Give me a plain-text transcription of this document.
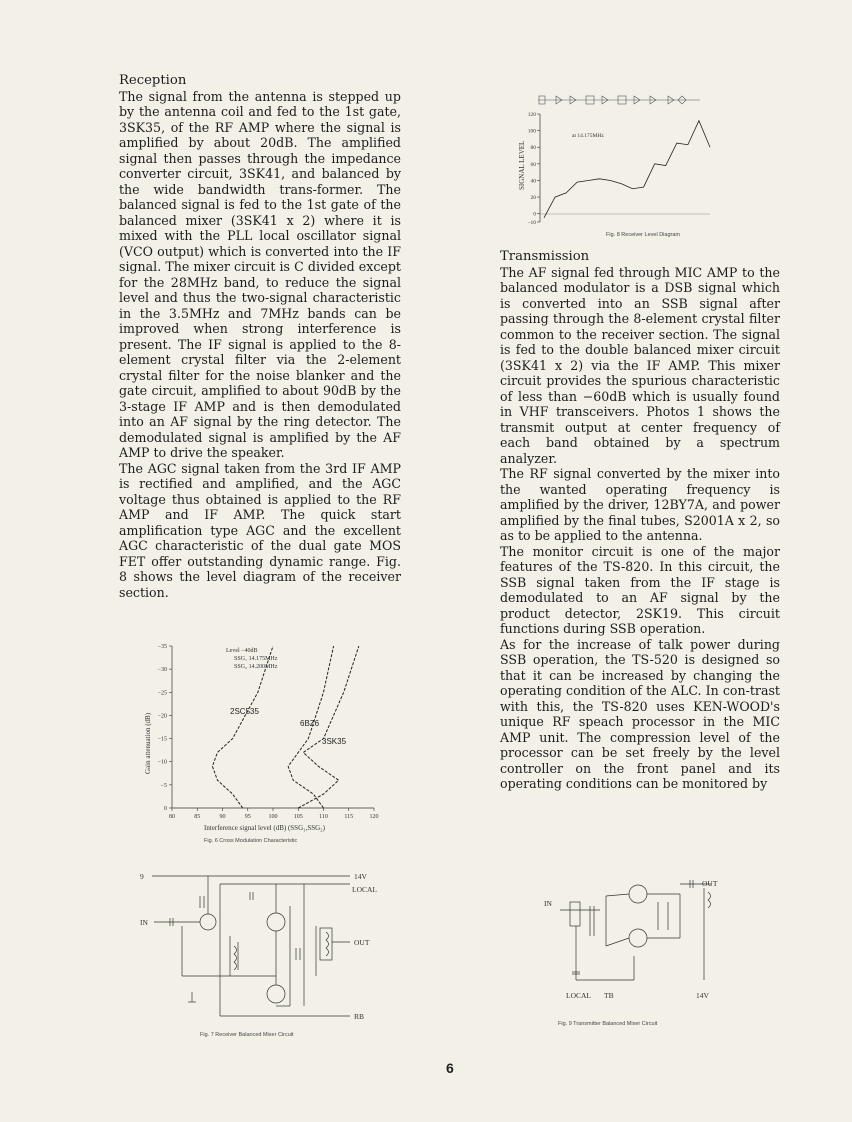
Reception

The signal from the antenna is stepped up by the antenna coil and fed to the 1st gate, 3SK35, of the RF AMP where the signal is amplified by about 20dB. The amplified signal then passes through the impedance converter circuit, 3SK41, and balanced by the wide bandwidth trans-former. The balanced signal is fed to the 1st gate of the balanced mixer (3SK41 x 2) where it is mixed with the PLL local oscillator signal (VCO output) which is converted into the IF signal. The mixer circuit is C divided except for the 28MHz band, to reduce the signal level and thus the two-signal characteristic in the 3.5MHz and 7MHz bands can be improved when strong interference is present. The IF signal is applied to the 8-element crystal filter via the 2-element crystal filter for the noise blanker and the gate circuit, amplified to about 90dB by the 3-stage IF AMP and is then demodulated into an AF signal by the ring detector. The demodulated signal is amplified by the AF AMP to drive the speaker.

The AGC signal taken from the 3rd IF AMP is rectified and amplified, and the AGC voltage thus obtained is applied to the RF AMP and IF AMP. The quick start amplification type AGC and the excellent AGC characteristic of the dual gate MOS FET offer outstanding dynamic range. Fig. 8 shows the level diagram of the receiver section.

120
100
80
60
40
20
0
−10
SIGNAL LEVEL
at 14.175MHz
Fig. 8 Receiver Level Diagram
Transmission

The AF signal fed through MIC AMP to the balanced modulator is a DSB signal which is converted into an SSB signal after passing through the 8-element crystal filter common to the receiver section. The signal is fed to the double balanced mixer circuit (3SK41 x 2) via the IF AMP. This mixer circuit provides the spurious characteristic of less than −60dB which is usually found in VHF transceivers. Photos 1 shows the transmit output at center frequency of each band obtained by a spectrum analyzer.

The RF signal converted by the mixer into the wanted operating frequency is amplified by the driver, 12BY7A, and power amplified by the final tubes, S2001A x 2, so as to be applied to the antenna.

The monitor circuit is one of the major features of the TS-820. In this circuit, the SSB signal taken from the IF stage is demodulated to an AF signal by the product detector, 2SK19. This circuit functions during SSB operation.

As for the increase of talk power during SSB operation, the TS-520 is designed so that it can be increased by changing the operating condition of the ALC. In con-trast with this, the TS-820 uses KEN-WOOD's unique RF speach processor in the MIC AMP unit. The compression level of the processor can be set freely by the level controller on the front panel and its operating conditions can be monitored by

−35
−30
−25
−20
−15
−10
−5
0
80	85	90	95	100	105	110	115	120
Level −40dB
SSG₁ 14.175MHz
SSG₂ 14.200MHz
2SC535
6BZ6
3SK35
Gain attenuation (dB)
Interference signal level (dB) (SSG₁,SSG₂)
Fig. 6 Cross Modulation Characteristic
9
IN
14V
LOCAL
OUT
RB
Fig. 7 Receiver Balanced Mixer Circuit
IN
OUT
LOCAL TB	14V
Fig. 9 Transmitter Balanced Mixer Circuit
6
